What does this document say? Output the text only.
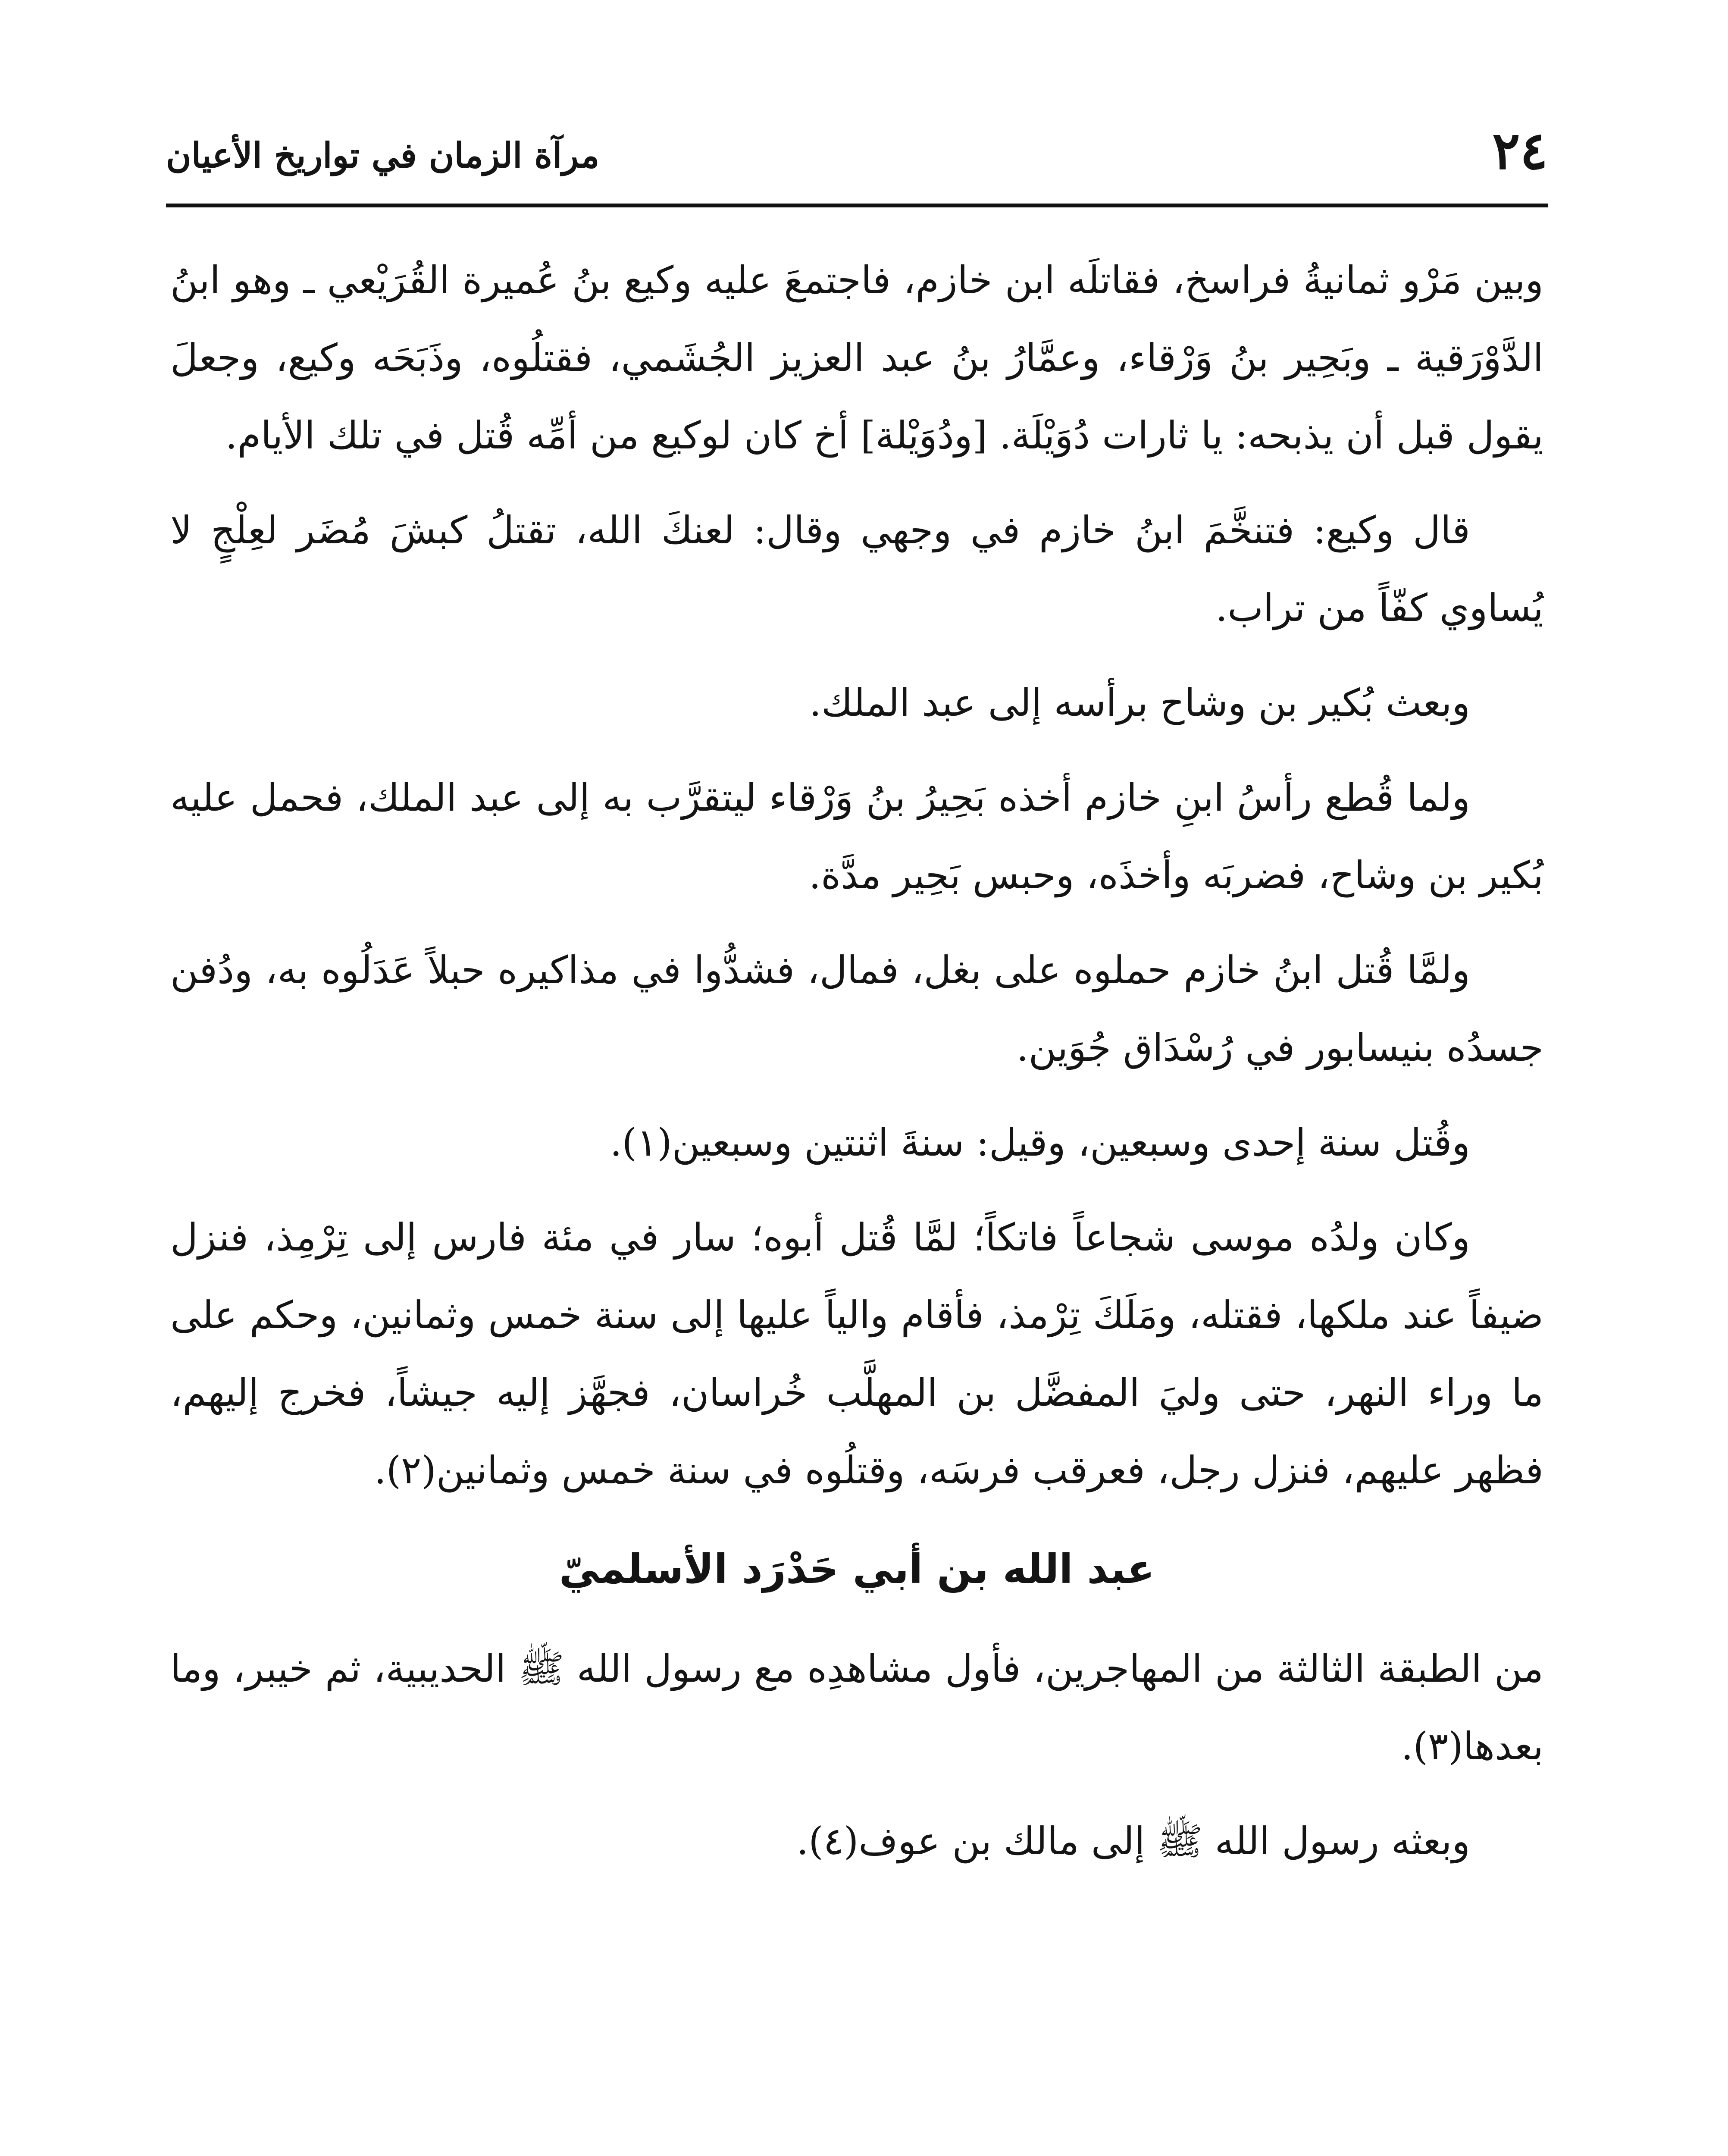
٢٤
مرآة الزمان في تواريخ الأعيان

وبين مَرْو ثمانيةُ فراسخ، فقاتلَه ابن خازم، فاجتمعَ عليه وكيع بنُ عُميرة القُرَيْعي ـ وهو ابنُ الدَّوْرَقية ـ وبَحِير بنُ وَرْقاء، وعمَّارُ بنُ عبد العزيز الجُشَمي، فقتلُوه، وذَبَحَه وكيع، وجعلَ يقول قبل أن يذبحه: يا ثارات دُوَيْلَة. [ودُوَيْلة] أخ كان لوكيع من أمِّه قُتل في تلك الأيام.

قال وكيع: فتنخَّمَ ابنُ خازم في وجهي وقال: لعنكَ الله، تقتلُ كبشَ مُضَر لعِلْجٍ لا يُساوي كفّاً من تراب.

وبعث بُكير بن وشاح برأسه إلى عبد الملك.

ولما قُطع رأسُ ابنِ خازم أخذه بَحِيرُ بنُ وَرْقاء ليتقرَّب به إلى عبد الملك، فحمل عليه بُكير بن وشاح، فضربَه وأخذَه، وحبس بَحِير مدَّة.

ولمَّا قُتل ابنُ خازم حملوه على بغل، فمال، فشدُّوا في مذاكيره حبلاً عَدَلُوه به، ودُفن جسدُه بنيسابور في رُسْدَاق جُوَين.

وقُتل سنة إحدى وسبعين، وقيل: سنةَ اثنتين وسبعين(١).

وكان ولدُه موسى شجاعاً فاتكاً؛ لمَّا قُتل أبوه؛ سار في مئة فارس إلى تِرْمِذ، فنزل ضيفاً عند ملكها، فقتله، ومَلَكَ تِرْمذ، فأقام والياً عليها إلى سنة خمس وثمانين، وحكم على ما وراء النهر، حتى وليَ المفضَّل بن المهلَّب خُراسان، فجهَّز إليه جيشاً، فخرج إليهم، فظهر عليهم، فنزل رجل، فعرقب فرسَه، وقتلُوه في سنة خمس وثمانين(٢).

عبد الله بن أبي حَدْرَد الأسلميّ

من الطبقة الثالثة من المهاجرين، فأول مشاهدِه مع رسول الله ﷺ الحديبية، ثم خيبر، وما بعدها(٣).

وبعثه رسول الله ﷺ إلى مالك بن عوف(٤).
